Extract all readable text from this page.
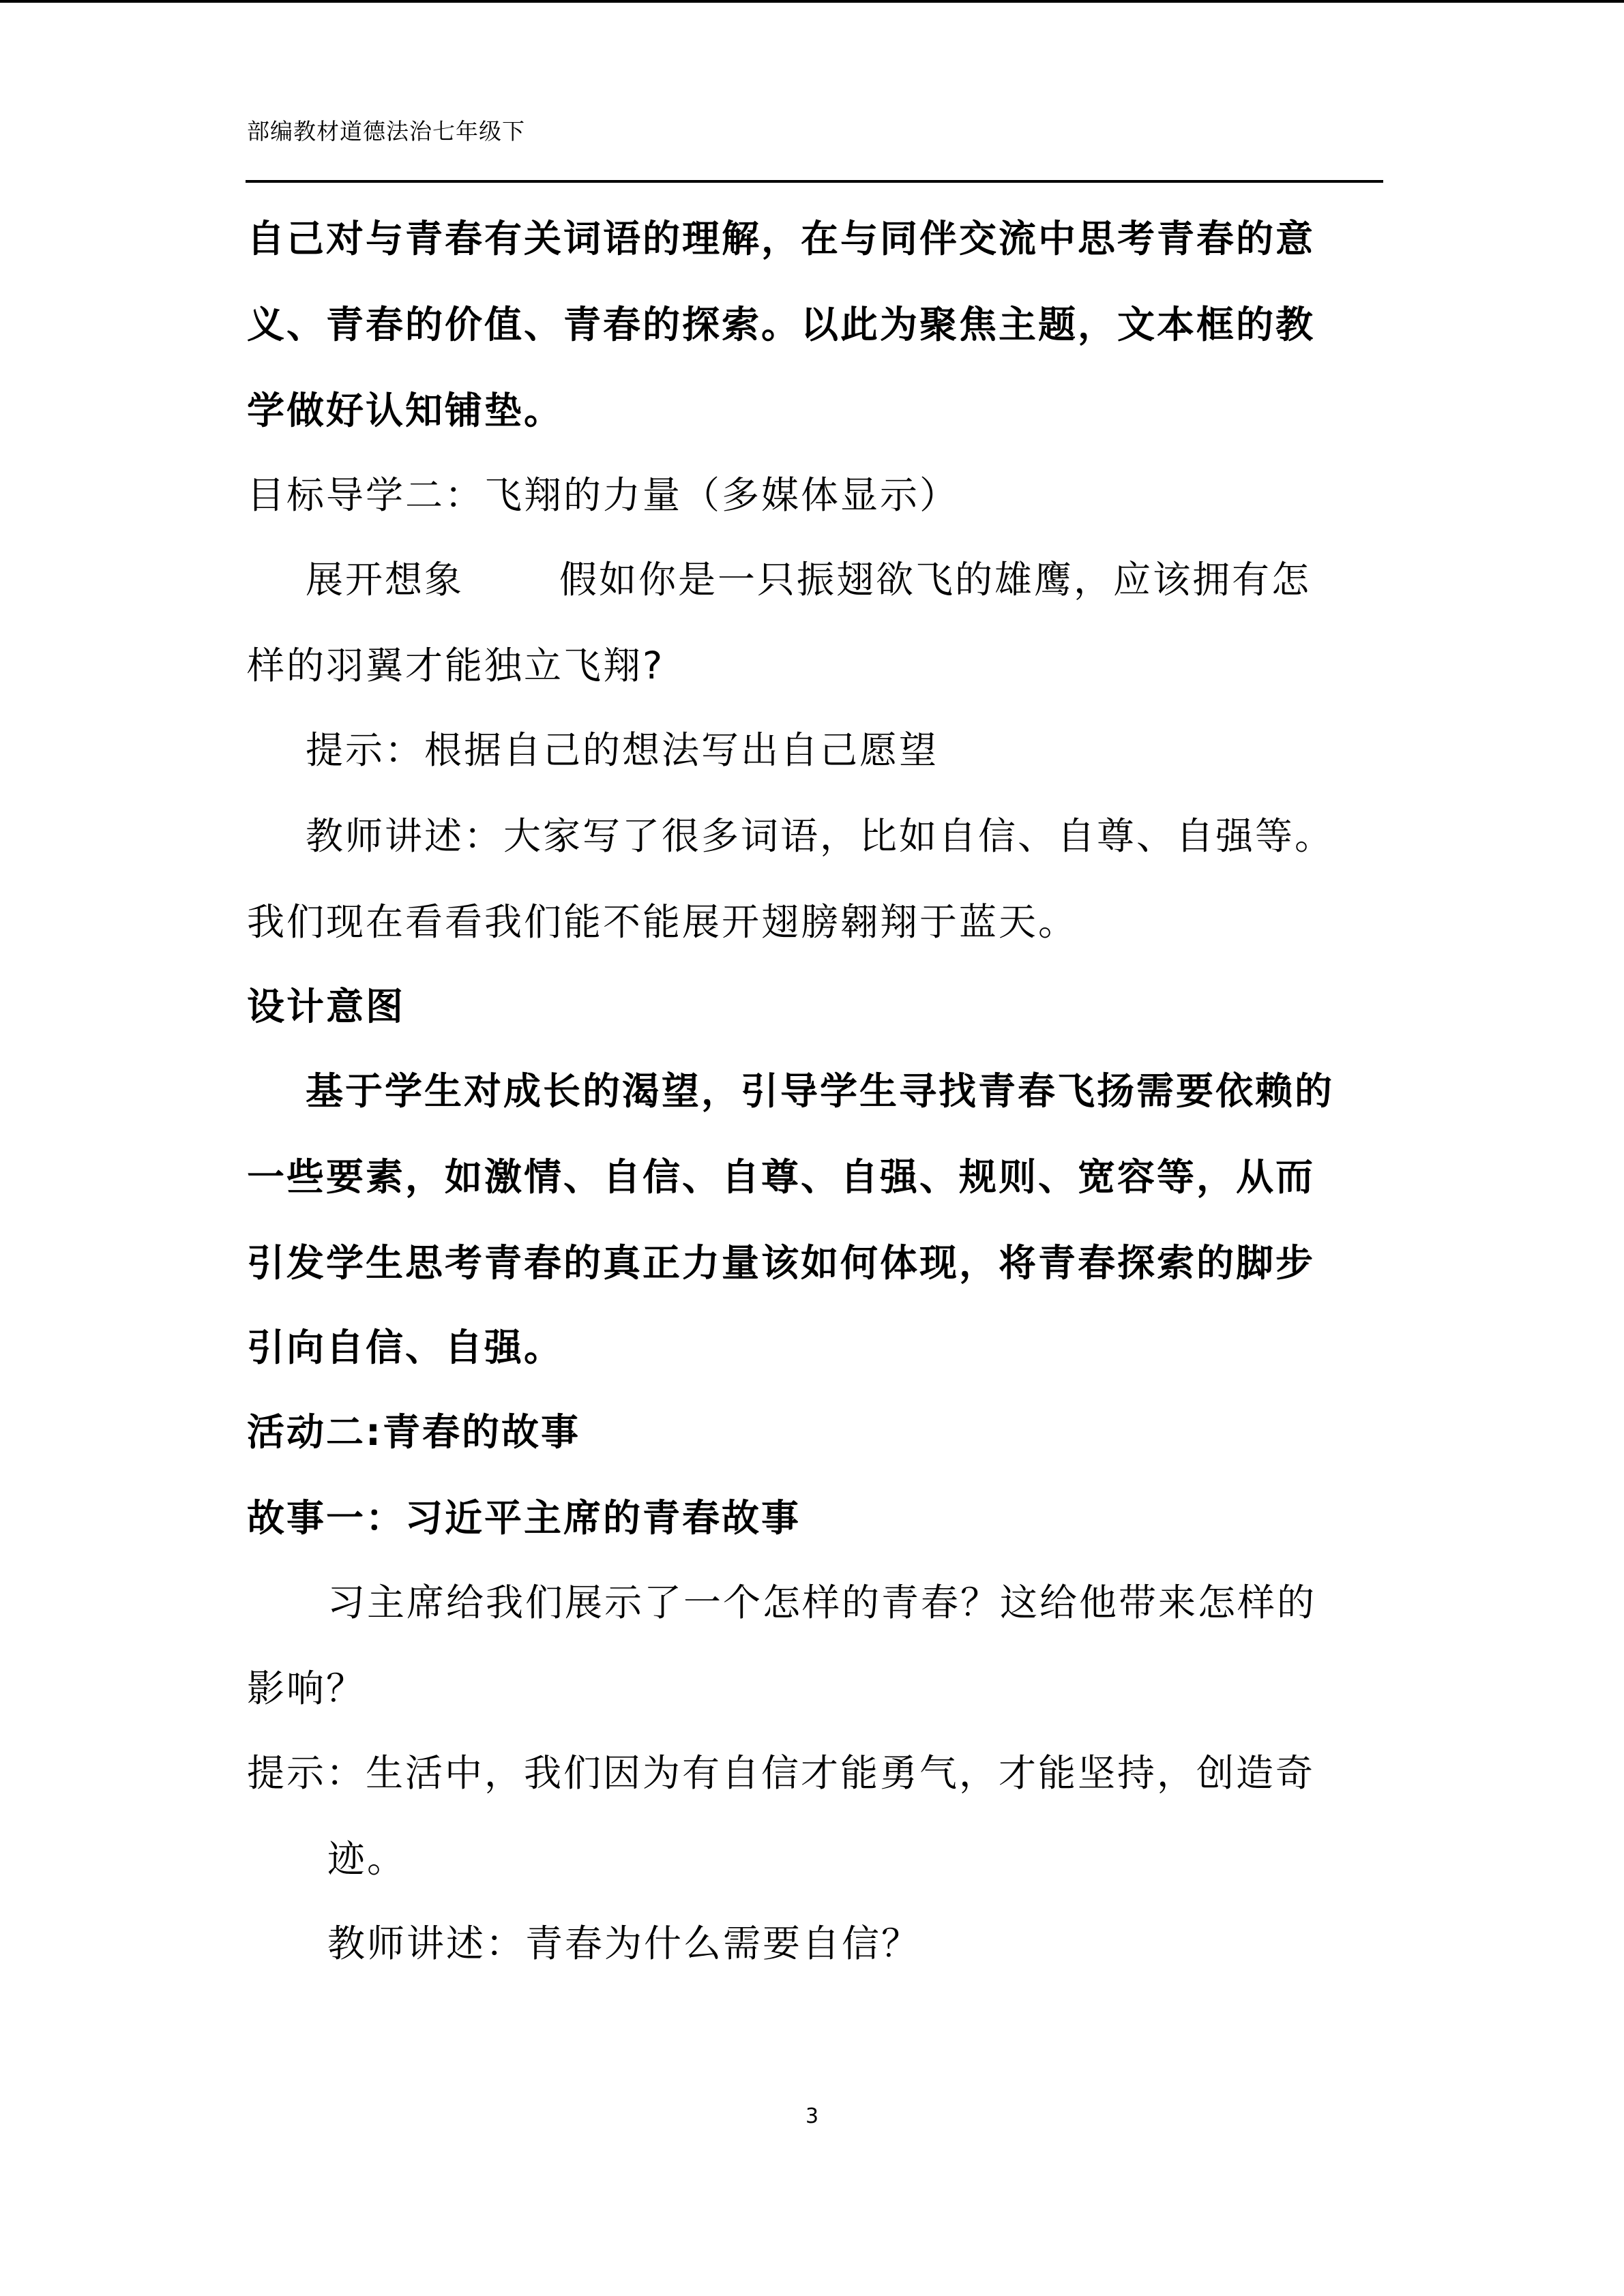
部编教材道德法治七年级下
自己对与青春有关词语的理解，在与同伴交流中思考青春的意
义、青春的价值、青春的探索。以此为聚焦主题，文本框的教
学做好认知铺垫。
目标导学二：飞翔的力量（多媒体显示）
展开想象	假如你是一只振翅欲飞的雄鹰，应该拥有怎
样的羽翼才能独立飞翔?
提示：根据自己的想法写出自己愿望
教师讲述：大家写了很多词语，比如自信、自尊、自强等。
我们现在看看我们能不能展开翅膀翱翔于蓝天。
设计意图
基于学生对成长的渴望，引导学生寻找青春飞扬需要依赖的
一些要素，如激情、自信、自尊、自强、规则、宽容等，从而
引发学生思考青春的真正力量该如何体现，将青春探索的脚步
引向自信、自强。
活动二:青春的故事
故事一：习近平主席的青春故事
习主席给我们展示了一个怎样的青春？这给他带来怎样的
影响？
提示：生活中，我们因为有自信才能勇气，才能坚持，创造奇
迹。
教师讲述：青春为什么需要自信？
3
